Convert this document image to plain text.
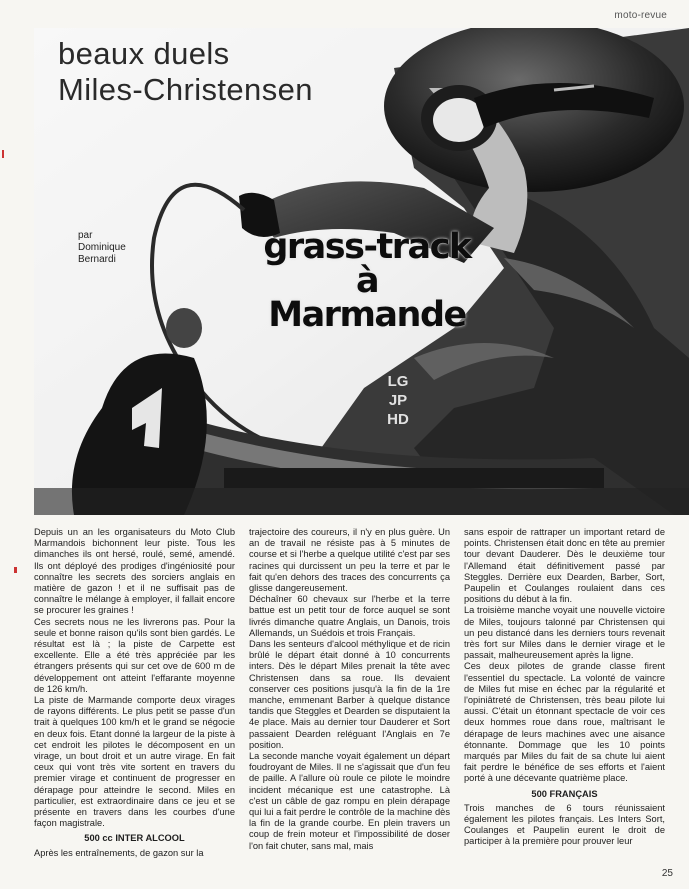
moto-revue
beaux duels
Miles-Christensen
par
Dominique
Bernardi	grass-track
à
Marmande
LG
JP
HD

Depuis un an les organisateurs du Moto Club Marmandois bichonnent leur piste. Tous les dimanches ils ont hersé, roulé, semé, amendé. Ils ont déployé des prodiges d'ingéniosité pour connaître les secrets des sorciers anglais en matière de gazon ! et il ne suffisait pas de connaître le mélange à employer, il fallait encore se procurer les graines !

Ces secrets nous ne les livrerons pas. Pour la seule et bonne raison qu'ils sont bien gardés. Le résultat est là ; la piste de Carpette est excellente. Elle a été très appréciée par les étrangers présents qui sur cet ove de 600 m de développement ont atteint l'effarante moyenne de 126 km/h.

La piste de Marmande comporte deux virages de rayons différents. Le plus petit se passe d'un trait à quelques 100 km/h et le grand se négocie en deux fois. Etant donné la largeur de la piste à cet endroit les pilotes le décomposent en un virage, un bout droit et un autre virage. En fait ceux qui vont très vite sortent en travers du premier virage et continuent de progresser en dérapage pour atteindre le second. Miles en particulier, est extraordinaire dans ce jeu et se présente en travers dans les courbes d'une façon magistrale.

500 cc INTER ALCOOL

Après les entraînements, de gazon sur la

trajectoire des coureurs, il n'y en plus guère. Un an de travail ne résiste pas à 5 minutes de course et si l'herbe a quelque utilité c'est par ses racines qui durcissent un peu la terre et par le fait qu'en dehors des traces des concurrents ça glisse dangereusement.

Déchaîner 60 chevaux sur l'herbe et la terre battue est un petit tour de force auquel se sont livrés dimanche quatre Anglais, un Danois, trois Allemands, un Suédois et trois Français.

Dans les senteurs d'alcool méthylique et de ricin brûlé le départ était donné à 10 concurrents inters. Dès le départ Miles prenait la tête avec Christensen dans sa roue. Ils devaient conserver ces positions jusqu'à la fin de la 1re manche, emmenant Barber à quelque distance tandis que Steggles et Dearden se disputaient la 4e place. Mais au dernier tour Dauderer et Sort passaient Dearden reléguant l'Anglais en 7e position.

La seconde manche voyait également un départ foudroyant de Miles. Il ne s'agissait que d'un feu de paille. A l'allure où roule ce pilote le moindre incident mécanique est une catastrophe. Là c'est un câble de gaz rompu en plein dérapage qui lui a fait perdre le contrôle de la machine dès la fin de la grande courbe. En plein travers un coup de frein moteur et l'impossibilité de doser l'on fait chuter, sans mal, mais

sans espoir de rattraper un important retard de points. Christensen était donc en tête au premier tour devant Dauderer. Dès le deuxième tour l'Allemand était définitivement passé par Steggles. Derrière eux Dearden, Barber, Sort, Paupelin et Coulanges roulaient dans ces positions du début à la fin.

La troisième manche voyait une nouvelle victoire de Miles, toujours talonné par Christensen qui un peu distancé dans les derniers tours revenait très fort sur Miles dans le dernier virage et le passait, malheureusement après la ligne.

Ces deux pilotes de grande classe firent l'essentiel du spectacle. La volonté de vaincre de Miles fut mise en échec par la régularité et l'opiniâtreté de Christensen, très beau pilote lui aussi. C'était un étonnant spectacle de voir ces deux hommes roue dans roue, maîtrisant le dérapage de leurs machines avec une aisance étonnante. Dommage que les 10 points marqués par Miles du fait de sa chute lui aient fait perdre le bénéfice de ses efforts et l'aient porté à une décevante quatrième place.

500 FRANÇAIS

Trois manches de 6 tours réunissaient également les pilotes français. Les Inters Sort, Coulanges et Paupelin eurent le droit de participer à la première pour prouver leur

25
